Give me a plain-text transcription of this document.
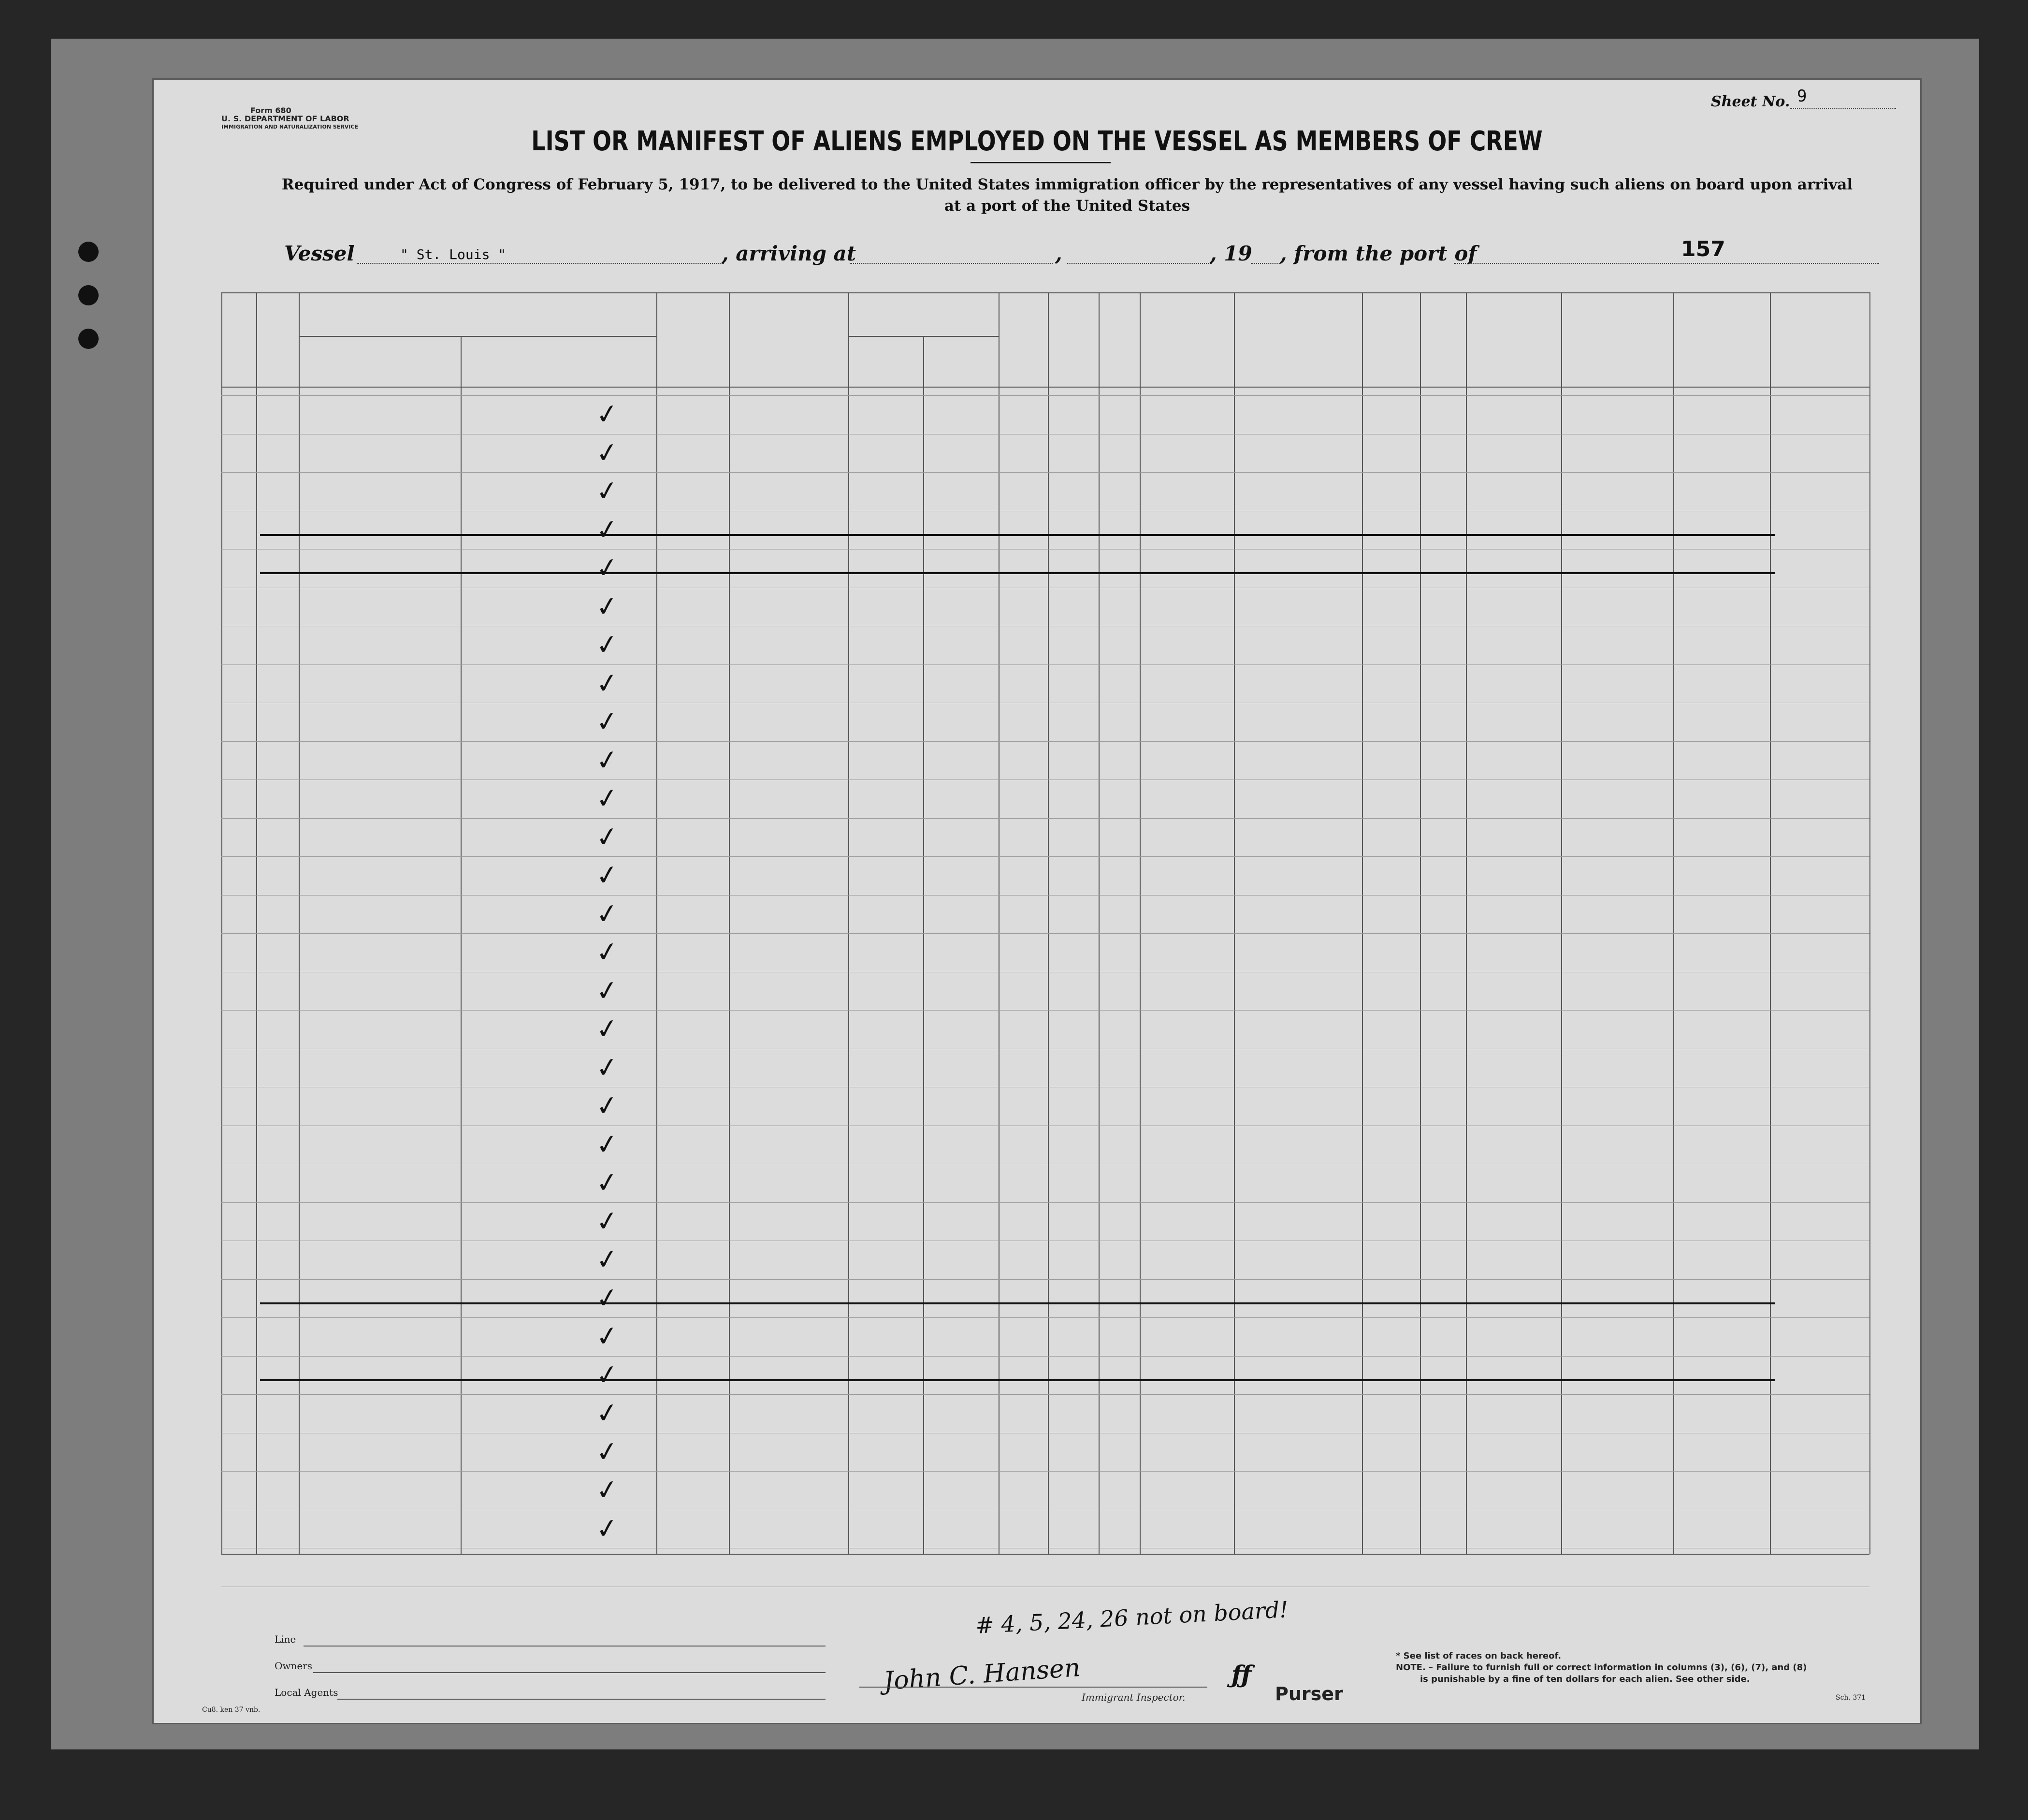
Form 680
U. S. DEPARTMENT OF LABOR
IMMIGRATION AND NATURALIZATION SERVICE
Sheet No. 9
LIST OR MANIFEST OF ALIENS EMPLOYED ON THE VESSEL AS MEMBERS OF CREW
Required under Act of Congress of February 5, 1917, to be delivered to the United States immigration officer by the representatives of any vessel having such aliens on board upon arrival
at a port of the United States
Vessel	" St. Louis "	, arriving at	,	, 19 , from the port of	157
✓
✓
✓
✓
✓
✓
✓
✓
✓
✓
✓
✓
✓
✓
✓
✓
✓
✓
✓
✓
✓
✓
✓
✓
✓
✓
✓
✓
✓
✓
Line
Owners
Local Agents
# 4, 5, 24, 26 not on board!
John C. Hansen
Immigrant Inspector.
ƒƒ
Purser
* See list of races on back hereof.
NOTE. – Failure to furnish full or correct information in columns (3), (6), (7), and (8)
is punishable by a fine of ten dollars for each alien. See other side.
Cu8. ken 37 vnb.
Sch. 371
